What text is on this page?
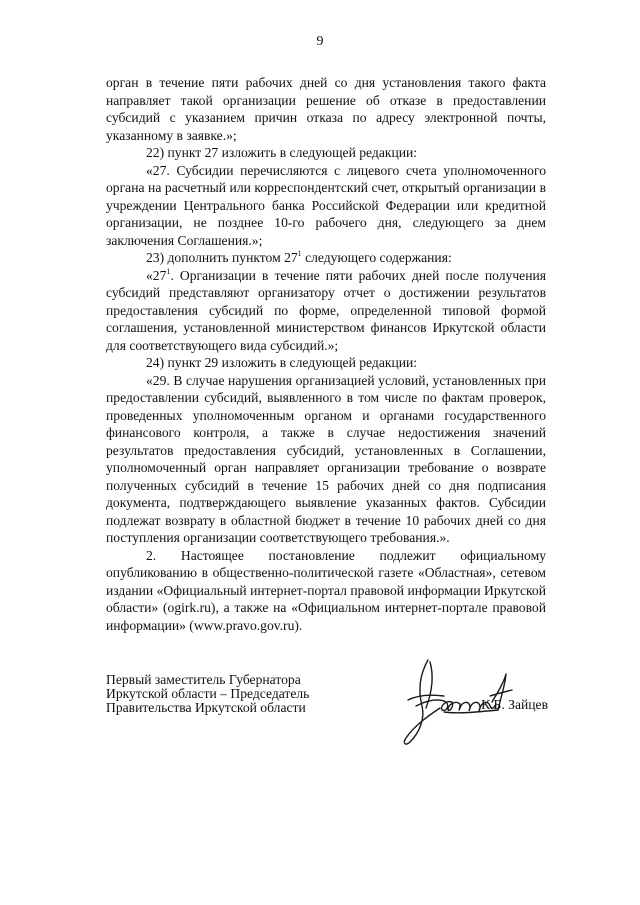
9

орган в течение пяти рабочих дней со дня установления такого факта направляет такой организации решение об отказе в предоставлении субсидий с указанием причин отказа по адресу электронной почты, указанному в заявке.»;

22) пункт 27 изложить в следующей редакции:

«27. Субсидии перечисляются с лицевого счета уполномоченного органа на расчетный или корреспондентский счет, открытый организации в учреждении Центрального банка Российской Федерации или кредитной организации, не позднее 10-го рабочего дня, следующего за днем заключения Соглашения.»;

23) дополнить пунктом $27^1$ следующего содержания:

«$27^1$. Организации в течение пяти рабочих дней после получения субсидий представляют организатору отчет о достижении результатов предоставления субсидий по форме, определенной типовой формой соглашения, установленной министерством финансов Иркутской области для соответствующего вида субсидий.»;

24) пункт 29 изложить в следующей редакции:

«29. В случае нарушения организацией условий, установленных при предоставлении субсидий, выявленного в том числе по фактам проверок, проведенных уполномоченным органом и органами государственного финансового контроля, а также в случае недостижения значений результатов предоставления субсидий, установленных в Соглашении, уполномоченный орган направляет организации требование о возврате полученных субсидий в течение 15 рабочих дней со дня подписания документа, подтверждающего выявление указанных фактов. Субсидии подлежат возврату в областной бюджет в течение 10 рабочих дней со дня поступления организации соответствующего требования.».

2. Настоящее постановление подлежит официальному опубликованию в общественно-политической газете «Областная», сетевом издании «Официальный интернет-портал правовой информации Иркутской области» (ogirk.ru), а также на «Официальном интернет-портале правовой информации» (www.pravo.gov.ru).

Первый заместитель Губернатора
Иркутской области – Председатель
Правительства Иркутской области	К.Б. Зайцев
